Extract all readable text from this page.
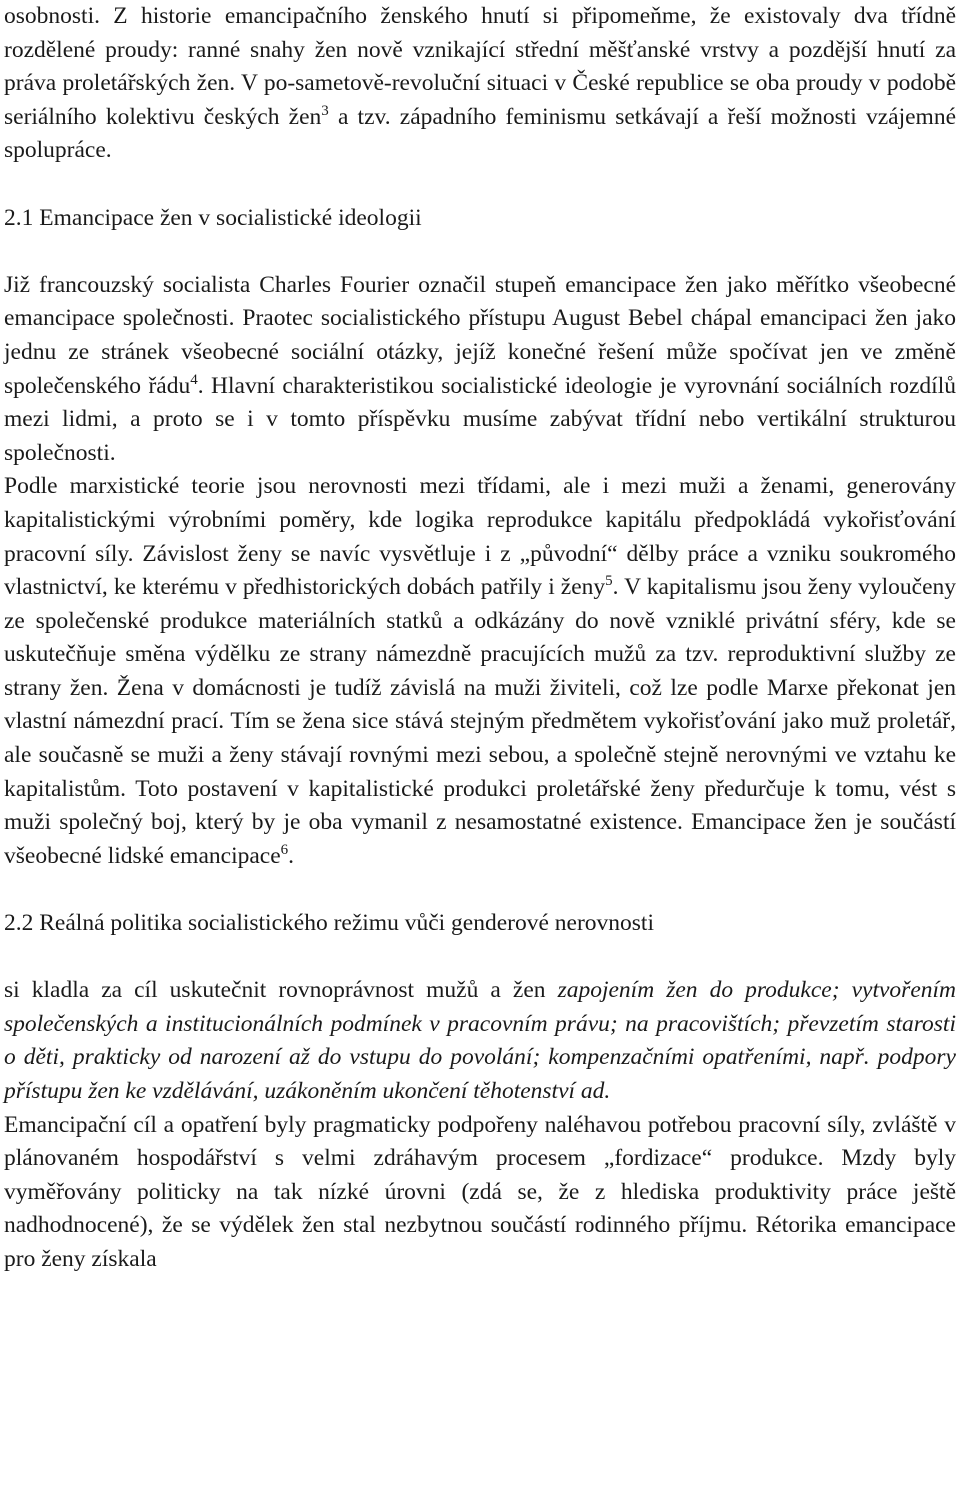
osobnosti. Z historie emancipačního ženského hnutí si připomeňme, že existovaly dva třídně rozdělené proudy: ranné snahy žen nově vznikající střední měšťanské vrstvy a pozdější hnutí za práva proletářských žen. V po-sametově-revoluční situaci v České republice se oba proudy v podobě seriálního kolektivu českých žen$^3$ a tzv. západního feminismu setkávají a řeší možnosti vzájemné spolupráce.

2.1 Emancipace žen v socialistické ideologii

Již francouzský socialista Charles Fourier označil stupeň emancipace žen jako měřítko všeobecné emancipace společnosti. Praotec socialistického přístupu August Bebel chápal emancipaci žen jako jednu ze stránek všeobecné sociální otázky, jejíž konečné řešení může spočívat jen ve změně společenského řádu$^4$. Hlavní charakteristikou socialistické ideologie je vyrovnání sociálních rozdílů mezi lidmi, a proto se i v tomto příspěvku musíme zabývat třídní nebo vertikální strukturou společnosti.

Podle marxistické teorie jsou nerovnosti mezi třídami, ale i mezi muži a ženami, generovány kapitalistickými výrobními poměry, kde logika reprodukce kapitálu předpokládá vykořisťování pracovní síly. Závislost ženy se navíc vysvětluje i z „původní“ dělby práce a vzniku soukromého vlastnictví, ke kterému v předhistorických dobách patřily i ženy$^5$. V kapitalismu jsou ženy vyloučeny ze společenské produkce materiálních statků a odkázány do nově vzniklé privátní sféry, kde se uskutečňuje směna výdělku ze strany námezdně pracujících mužů za tzv. reproduktivní služby ze strany žen. Žena v domácnosti je tudíž závislá na muži živiteli, což lze podle Marxe překonat jen vlastní námezdní prací. Tím se žena sice stává stejným předmětem vykořisťování jako muž proletář, ale současně se muži a ženy stávají rovnými mezi sebou, a společně stejně nerovnými ve vztahu ke kapitalistům. Toto postavení v kapitalistické produkci proletářské ženy předurčuje k tomu, vést s muži společný boj, který by je oba vymanil z nesamostatné existence. Emancipace žen je součástí všeobecné lidské emancipace$^6$.

2.2 Reálná politika socialistického režimu vůči genderové nerovnosti

si kladla za cíl uskutečnit rovnoprávnost mužů a žen zapojením žen do produkce; vytvořením společenských a institucionálních podmínek v pracovním právu; na pracovištích; převzetím starosti o děti, prakticky od narození až do vstupu do povolání; kompenzačními opatřeními, např. podpory přístupu žen ke vzdělávání, uzákoněním ukončení těhotenství ad.

Emancipační cíl a opatření byly pragmaticky podpořeny naléhavou potřebou pracovní síly, zvláště v plánovaném hospodářství s velmi zdráhavým procesem „fordizace“ produkce. Mzdy byly vyměřovány politicky na tak nízké úrovni (zdá se, že z hlediska produktivity práce ještě nadhodnocené), že se výdělek žen stal nezbytnou součástí rodinného příjmu. Rétorika emancipace pro ženy získala
